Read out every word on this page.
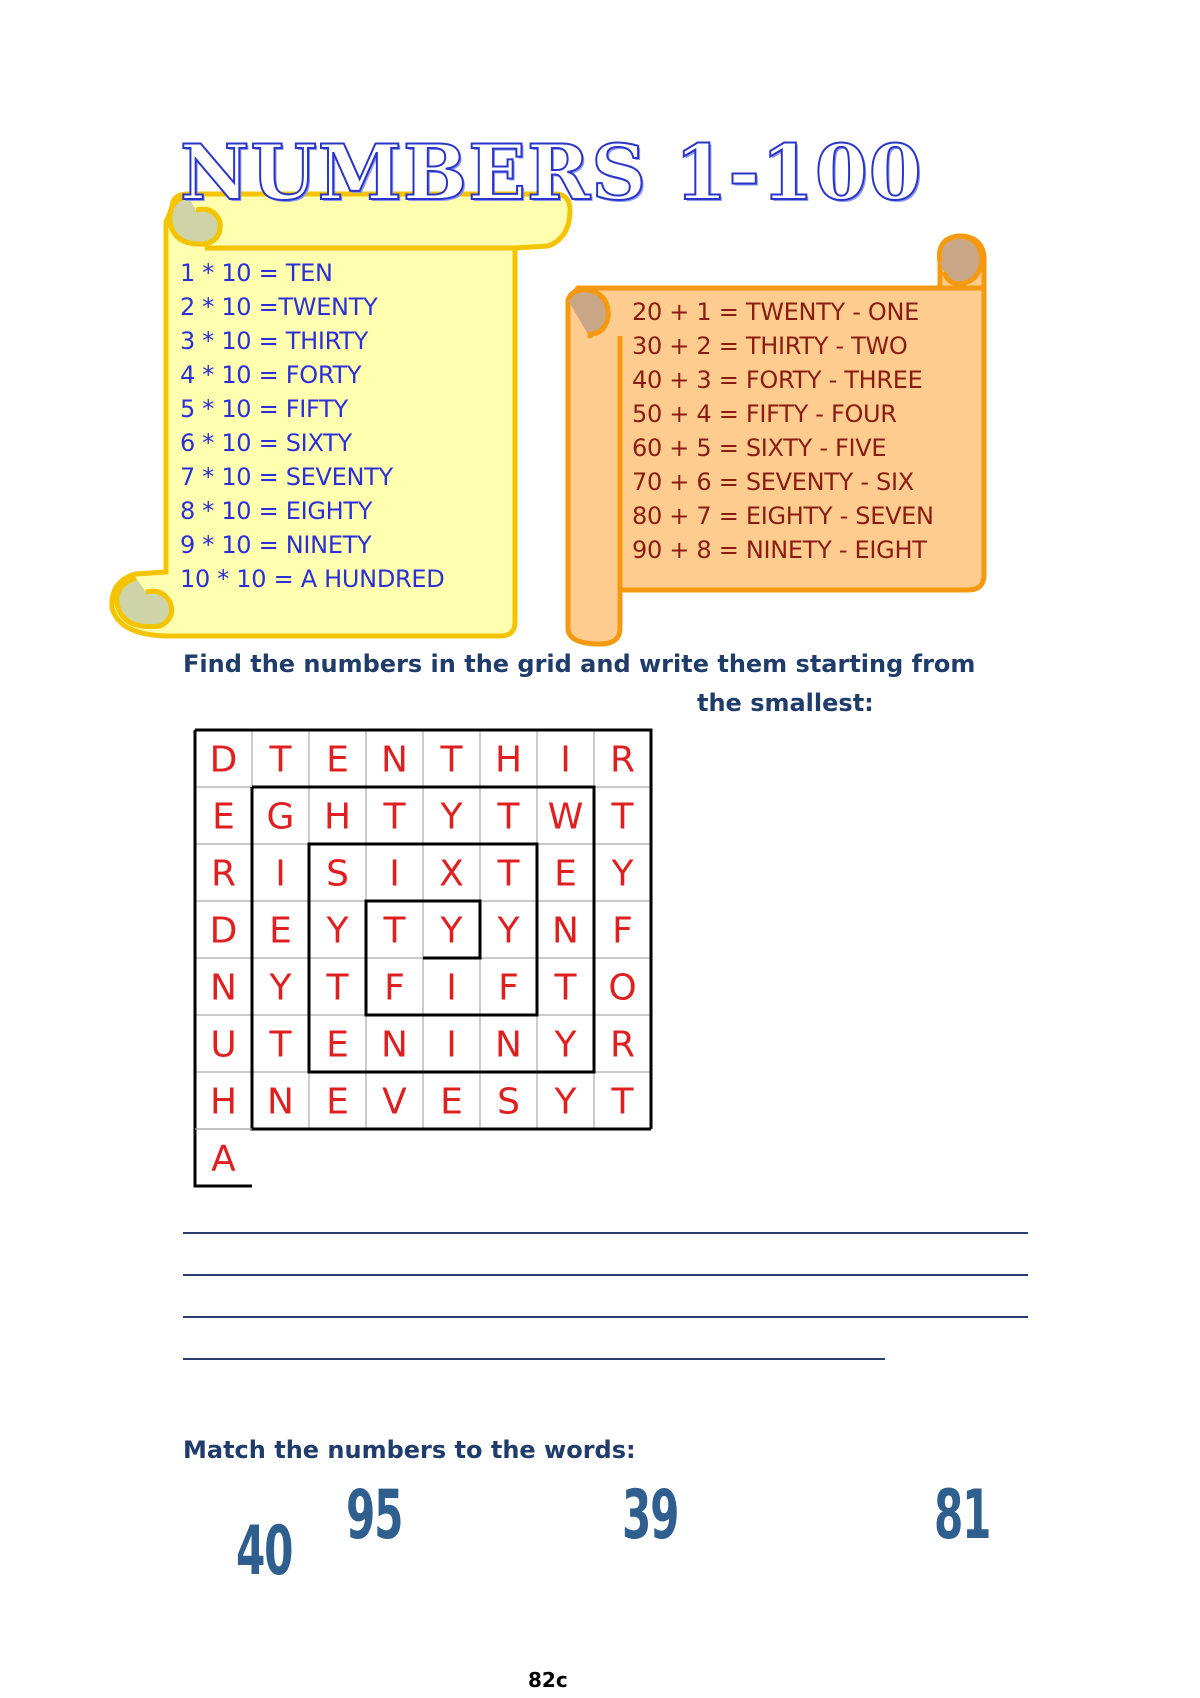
NUMBERS 1-100
1 * 10 = TEN
2 * 10 =TWENTY
3 * 10 = THIRTY
4 * 10 = FORTY
5 * 10 = FIFTY
6 * 10 = SIXTY
7 * 10 = SEVENTY
8 * 10 = EIGHTY
9 * 10 = NINETY
10 * 10 = A HUNDRED
20 + 1 = TWENTY - ONE
30 + 2 = THIRTY - TWO
40 + 3 = FORTY - THREE
50 + 4 = FIFTY - FOUR
60 + 5 = SIXTY - FIVE
70 + 6 = SEVENTY - SIX
80 + 7 = EIGHTY - SEVEN
90 + 8 = NINETY - EIGHT

Find the numbers in the grid and write them starting from

the smallest:

D T E N T H I R
E G H T Y T W T
R I S I X T E Y
D E Y T Y Y N F
N Y T F I F T O
U T E N I N Y R
H N E V E S Y T
A

Match the numbers to the words:

40 95	39	81
82c
